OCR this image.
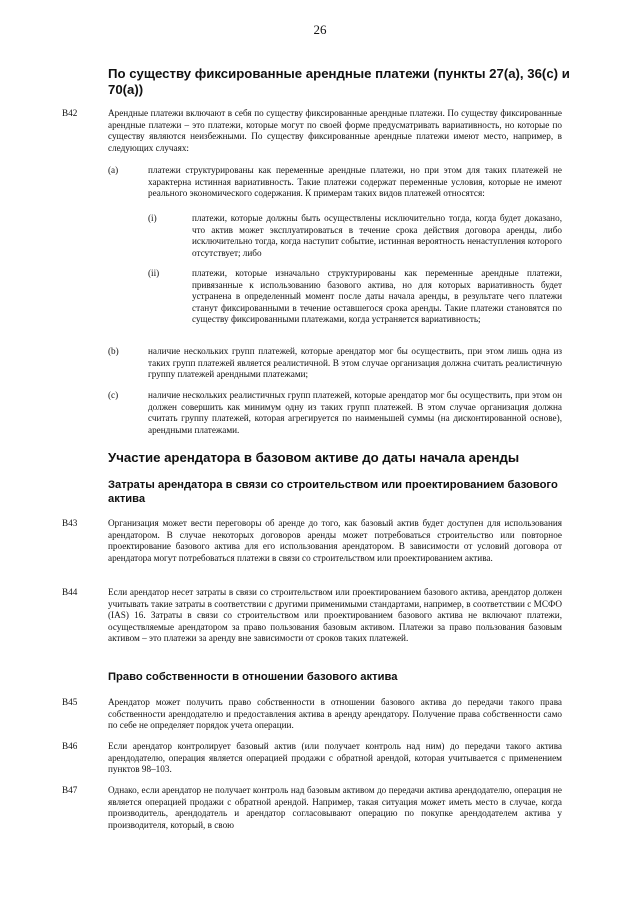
26
По существу фиксированные арендные платежи (пункты 27(а), 36(с) и 70(а))
B42	Арендные платежи включают в себя по существу фиксированные арендные платежи. По существу фиксированные арендные платежи – это платежи, которые могут по своей форме предусматривать вариативность, но которые по существу являются неизбежными. По существу фиксированные арендные платежи имеют место, например, в следующих случаях:
(a)	платежи структурированы как переменные арендные платежи, но при этом для таких платежей не характерна истинная вариативность. Такие платежи содержат переменные условия, которые не имеют реального экономического содержания. К примерам таких видов платежей относятся:
(i)	платежи, которые должны быть осуществлены исключительно тогда, когда будет доказано, что актив может эксплуатироваться в течение срока действия договора аренды, либо исключительно тогда, когда наступит событие, истинная вероятность ненаступления которого отсутствует; либо
(ii)	платежи, которые изначально структурированы как переменные арендные платежи, привязанные к использованию базового актива, но для которых вариативность будет устранена в определенный момент после даты начала аренды, в результате чего платежи станут фиксированными в течение оставшегося срока аренды. Такие платежи становятся по существу фиксированными платежами, когда устраняется вариативность;
(b)	наличие нескольких групп платежей, которые арендатор мог бы осуществить, при этом лишь одна из таких групп платежей является реалистичной. В этом случае организация должна считать реалистичную группу платежей арендными платежами;
(c)	наличие нескольких реалистичных групп платежей, которые арендатор мог бы осуществить, при этом он должен совершить как минимум одну из таких групп платежей. В этом случае организация должна считать группу платежей, которая агрегируется по наименьшей суммы (на дисконтированной основе), арендными платежами.
Участие арендатора в базовом активе до даты начала аренды
Затраты арендатора в связи со строительством или проектированием базового актива
B43	Организация может вести переговоры об аренде до того, как базовый актив будет доступен для использования арендатором. В случае некоторых договоров аренды может потребоваться строительство или повторное проектирование базового актива для его использования арендатором. В зависимости от условий договора от арендатора могут потребоваться платежи в связи со строительством или проектированием актива.
B44	Если арендатор несет затраты в связи со строительством или проектированием базового актива, арендатор должен учитывать такие затраты в соответствии с другими применимыми стандартами, например, в соответствии с МСФО (IAS) 16. Затраты в связи со строительством или проектированием базового актива не включают платежи, осуществляемые арендатором за право пользования базовым активом. Платежи за право пользования базовым активом – это платежи за аренду вне зависимости от сроков таких платежей.
Право собственности в отношении базового актива
B45	Арендатор может получить право собственности в отношении базового актива до передачи такого права собственности арендодателю и предоставления актива в аренду арендатору. Получение права собственности само по себе не определяет порядок учета операции.
B46	Если арендатор контролирует базовый актив (или получает контроль над ним) до передачи такого актива арендодателю, операция является операцией продажи с обратной арендой, которая учитывается с применением пунктов 98–103.
B47	Однако, если арендатор не получает контроль над базовым активом до передачи актива арендодателю, операция не является операцией продажи с обратной арендой. Например, такая ситуация может иметь место в случае, когда производитель, арендодатель и арендатор согласовывают операцию по покупке арендодателем актива у производителя, который, в свою
